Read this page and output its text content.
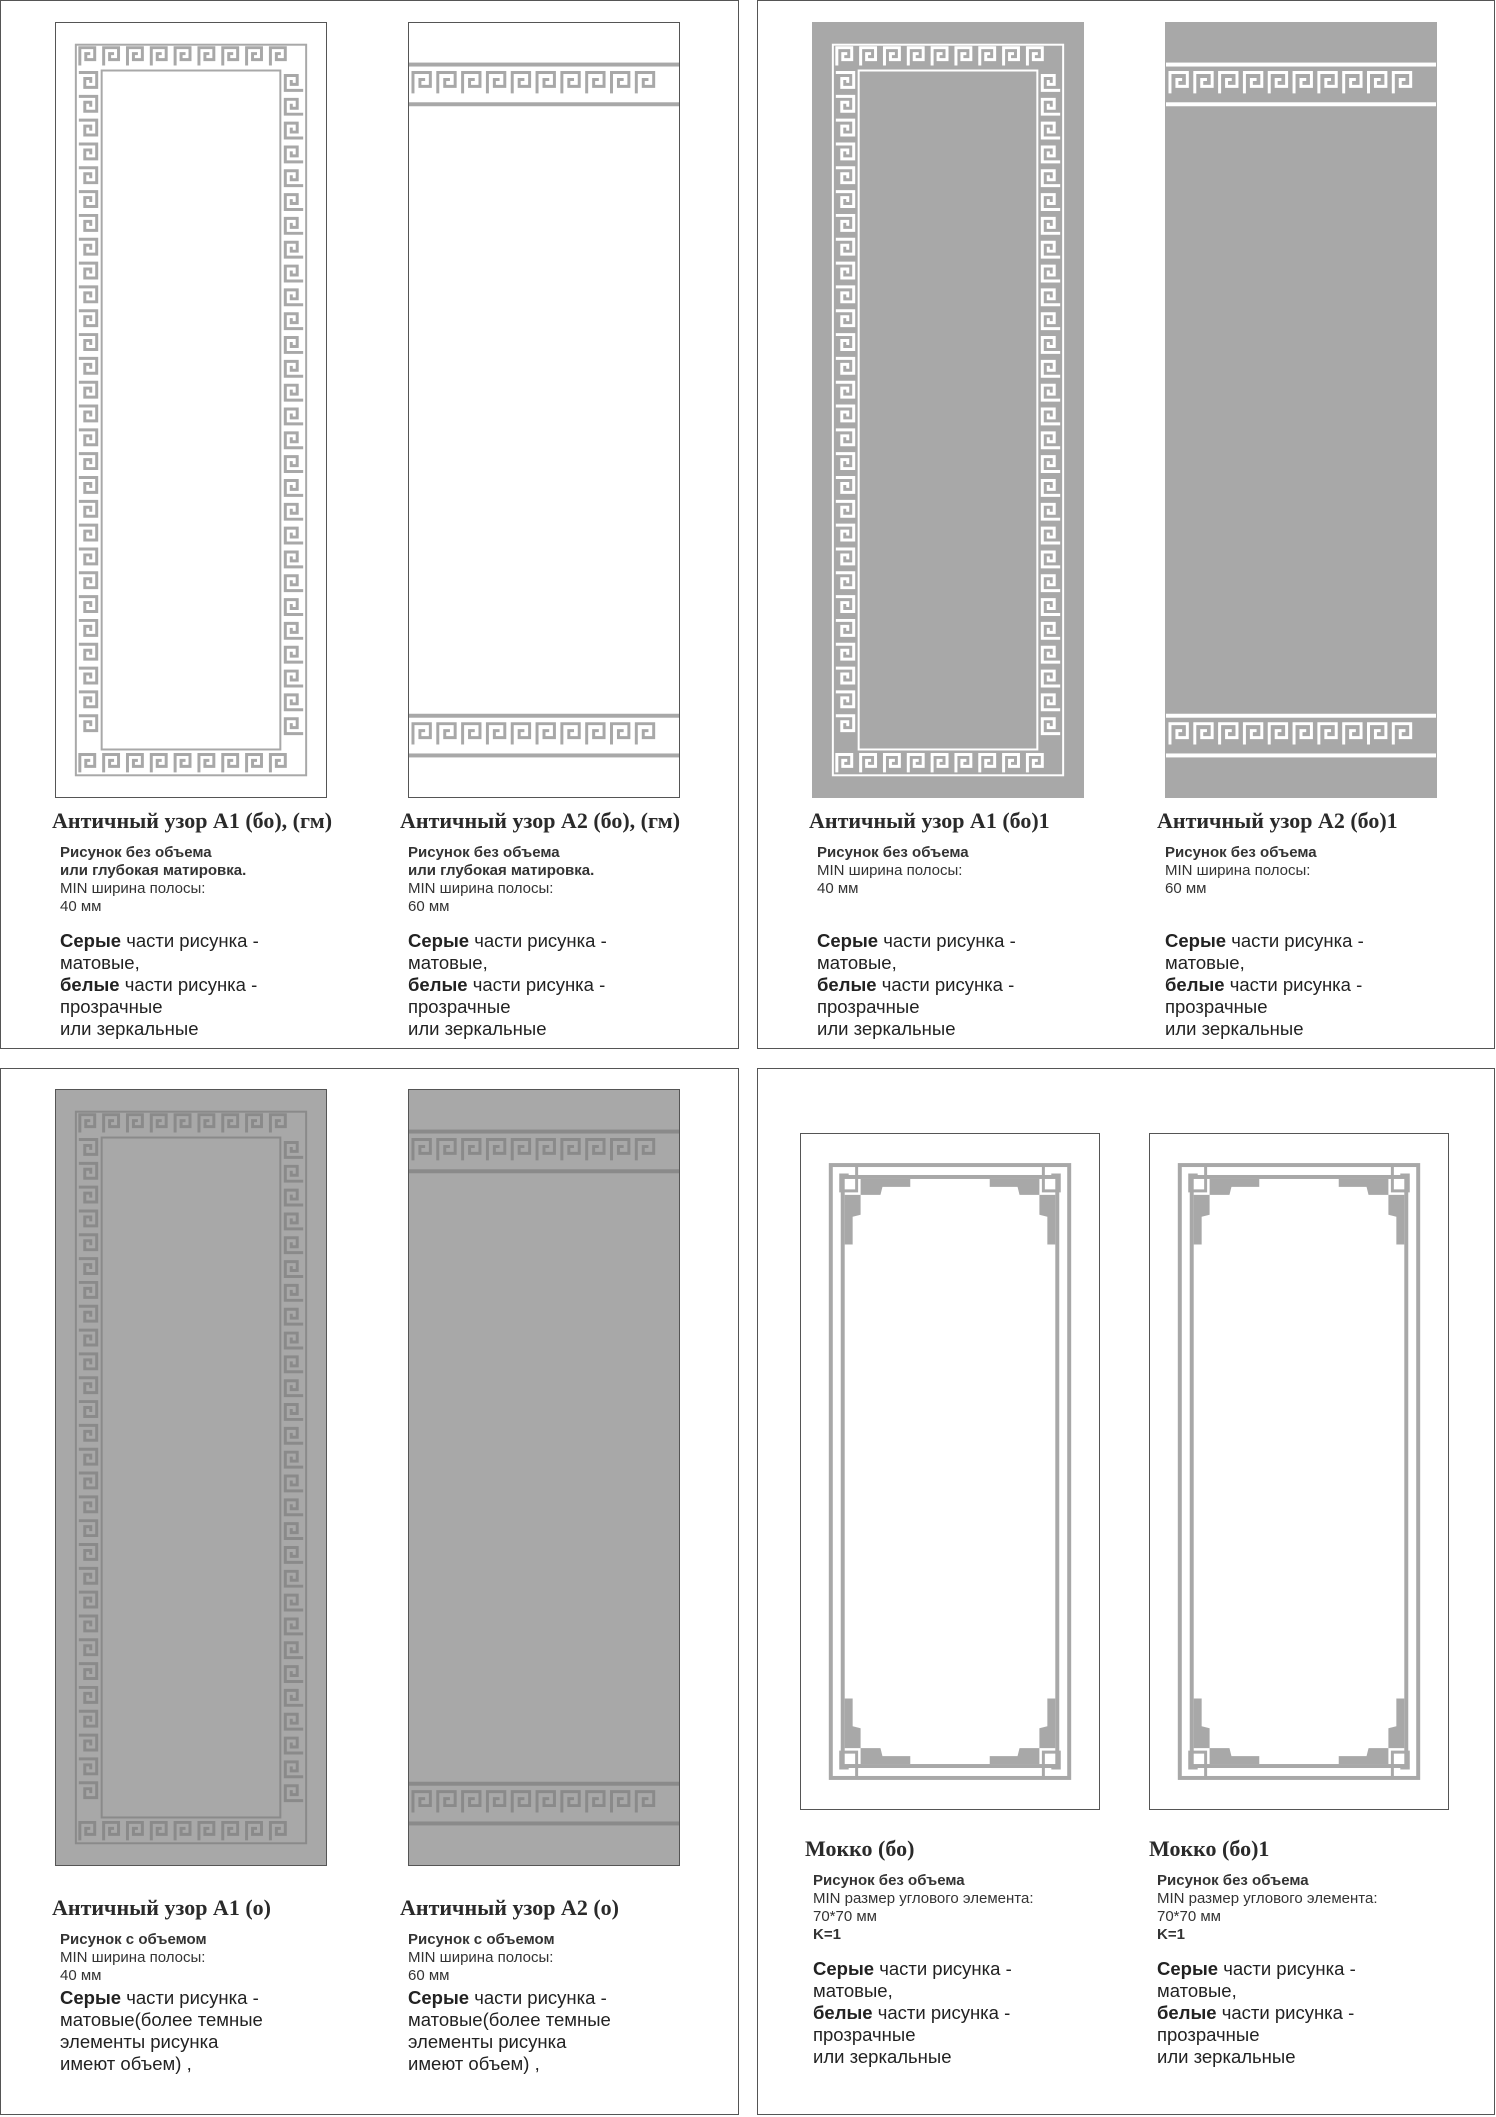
Античный узор А1 (бо), (гм)
Рисунок без объема
или глубокая матировка.
MIN ширина полосы:
40 мм
Серые части рисунка -
матовые,
белые части рисунка -
прозрачные
или зеркальные
Античный узор А2 (бо), (гм)
Рисунок без объема
или глубокая матировка.
MIN ширина полосы:
60 мм
Серые части рисунка -
матовые,
белые части рисунка -
прозрачные
или зеркальные
Античный узор А1 (бо)1
Рисунок без объема
MIN ширина полосы:
40 мм
Серые части рисунка -
матовые,
белые части рисунка -
прозрачные
или зеркальные
Античный узор А2 (бо)1
Рисунок без объема
MIN ширина полосы:
60 мм
Серые части рисунка -
матовые,
белые части рисунка -
прозрачные
или зеркальные
Античный узор А1 (о)
Рисунок с объемом
MIN ширина полосы:
40 мм
Серые части рисунка -
матовые(более темные
элементы рисунка
имеют объем) ,
Античный узор А2 (о)
Рисунок с объемом
MIN ширина полосы:
60 мм
Серые части рисунка -
матовые(более темные
элементы рисунка
имеют объем) ,
Мокко (бо)
Рисунок без объема
MIN размер углового элемента:
70*70 мм
K=1
Серые части рисунка -
матовые,
белые части рисунка -
прозрачные
или зеркальные
Мокко (бо)1
Рисунок без объема
MIN размер углового элемента:
70*70 мм
K=1
Серые части рисунка -
матовые,
белые части рисунка -
прозрачные
или зеркальные
